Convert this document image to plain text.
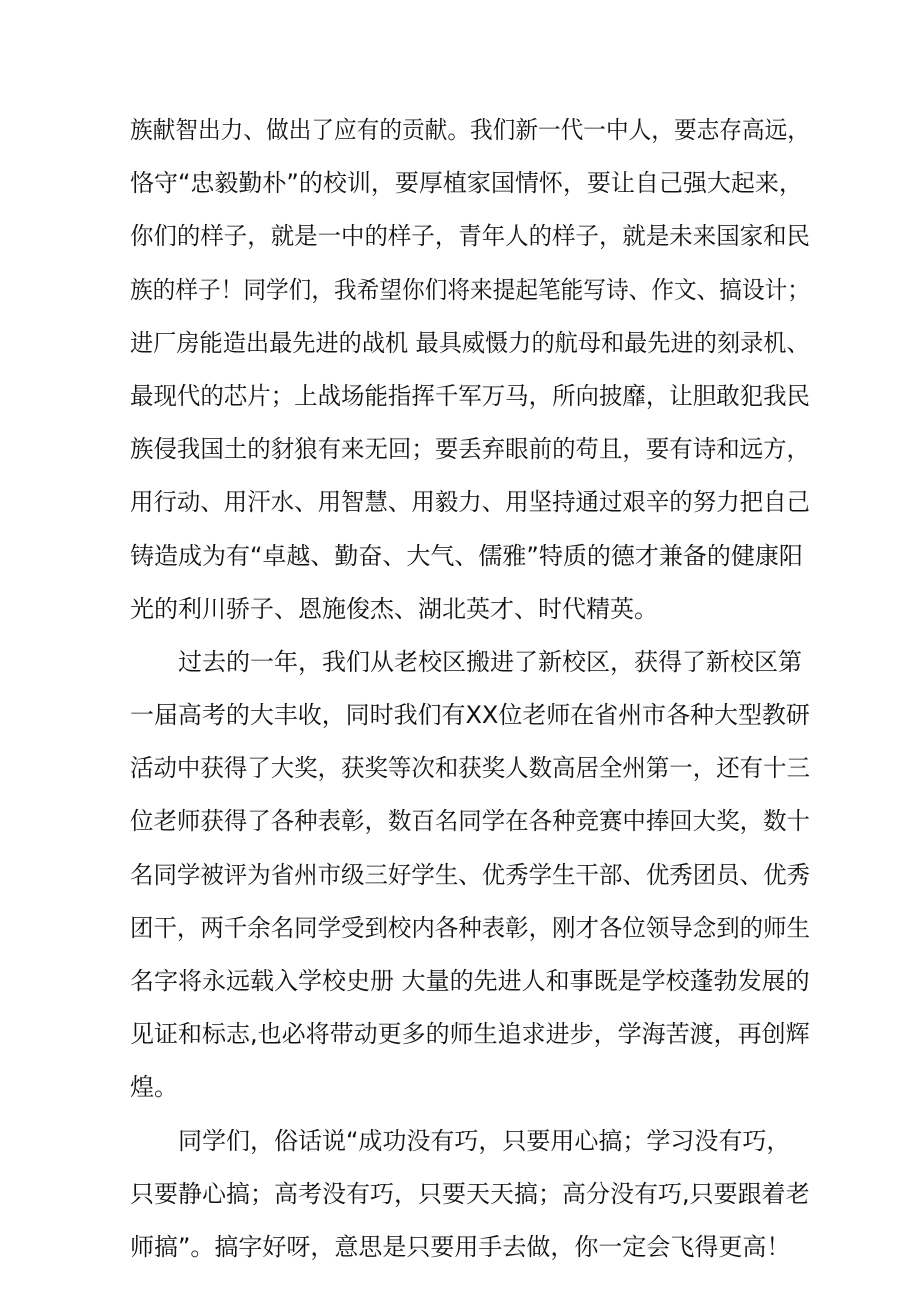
族献智出力、做出了应有的贡献。我们新一代一中人，要志存高远，
恪守“忠毅勤朴”的校训，要厚植家国情怀，要让自己强大起来，
你们的样子，就是一中的样子，青年人的样子，就是未来国家和民
族的样子！同学们，我希望你们将来提起笔能写诗、作文、搞设计；
进厂房能造出最先进的战机 最具威慑力的航母和最先进的刻录机、
最现代的芯片；上战场能指挥千军万马，所向披靡，让胆敢犯我民
族侵我国土的豺狼有来无回；要丢弃眼前的苟且，要有诗和远方，
用行动、用汗水、用智慧、用毅力、用坚持通过艰辛的努力把自己
铸造成为有“卓越、勤奋、大气、儒雅”特质的德才兼备的健康阳
光的利川骄子、恩施俊杰、湖北英才、时代精英。
　　过去的一年，我们从老校区搬进了新校区，获得了新校区第
一届高考的大丰收，同时我们有XX位老师在省州市各种大型教研
活动中获得了大奖，获奖等次和获奖人数高居全州第一，还有十三
位老师获得了各种表彰，数百名同学在各种竞赛中捧回大奖，数十
名同学被评为省州市级三好学生、优秀学生干部、优秀团员、优秀
团干，两千余名同学受到校内各种表彰，刚才各位领导念到的师生
名字将永远载入学校史册 大量的先进人和事既是学校蓬勃发展的
见证和标志,也必将带动更多的师生追求进步，学海苦渡，再创辉
煌。
　　同学们，俗话说“成功没有巧，只要用心搞；学习没有巧，
只要静心搞；高考没有巧，只要天天搞；高分没有巧,只要跟着老
师搞”。搞字好呀，意思是只要用手去做，你一定会飞得更高！
